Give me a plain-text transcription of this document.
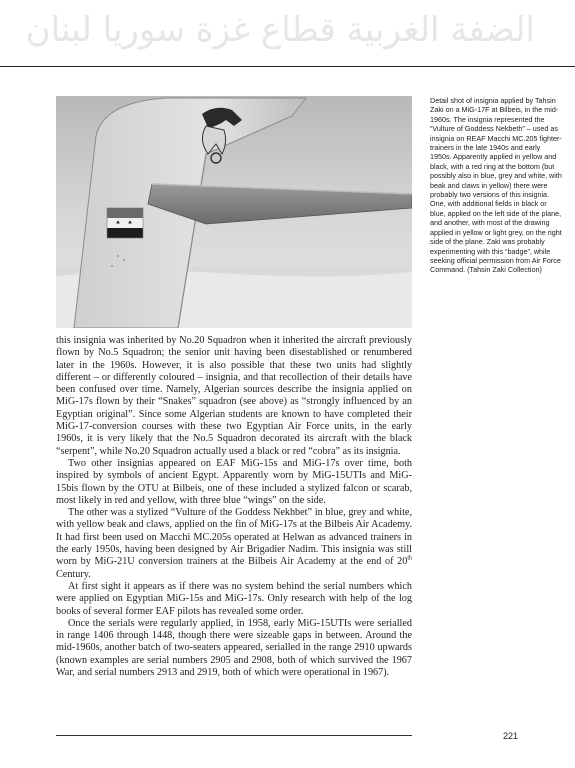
الضفة الغربية قطاع غزة سوريا لبنان

Detail shot of insignia applied by Tahsin Zaki on a MiG-17F at Bilbeis, in the mid-1960s. The insignia represented the “Vulture of Goddess Nekbeth” – used as insignia on REAF Macchi MC.205 fighter-trainers in the late 1940s and early 1950s. Apparently applied in yellow and black, with a red ring at the bottom (but possibly also in blue, grey and white, with beak and claws in yellow) there were probably two versions of this insignia. One, with additional fields in black or blue, applied on the left side of the plane, and another, with most of the drawing applied in yellow or light grey, on the right side of the plane. Zaki was probably experimenting with this “badge”, while seeking official permission from Air Force Command. (Tahsin Zaki Collection)

this insignia was inherited by No.20 Squadron when it inherited the aircraft previously flown by No.5 Squadron; the senior unit having been disestablished or renumbered later in the 1960s. However, it is also possible that these two units had slightly different – or differently coloured – insignia, and that recollection of their details have been confused over time. Namely, Algerian sources describe the insignia applied on MiG-17s flown by their “Snakes” squadron (see above) as “strongly influenced by an Egyptian original”. Since some Algerian students are known to have completed their MiG-17-conversion courses with these two Egyptian Air Force units, in the early 1960s, it is very likely that the No.5 Squadron decorated its aircraft with the black “serpent”, while No.20 Squadron actually used a black or red “cobra” as its insignia.

Two other insignias appeared on EAF MiG-15s and MiG-17s over time, both inspired by symbols of ancient Egypt. Apparently worn by MiG-15UTIs and MiG-15bis flown by the OTU at Bilbeis, one of these included a stylized falcon or scarab, most likely in red and yellow, with three blue “wings” on the side.

The other was a stylized “Vulture of the Goddess Nekhbet” in blue, grey and white, with yellow beak and claws, applied on the fin of MiG-17s at the Bilbeis Air Academy. It had first been used on Macchi MC.205s operated at Helwan as advanced trainers in the early 1950s, having been designed by Air Brigadier Nadim. This insignia was still worn by MiG-21U conversion trainers at the Bilbeis Air Academy at the end of 20th Century.

At first sight it appears as if there was no system behind the serial numbers which were applied on Egyptian MiG-15s and MiG-17s. Only research with help of the log books of several former EAF pilots has revealed some order.

Once the serials were regularly applied, in 1958, early MiG-15UTIs were serialled in range 1406 through 1448, though there were sizeable gaps in between. Around the mid-1960s, another batch of two-seaters appeared, serialled in the range 2910 upwards (known examples are serial numbers 2905 and 2908, both of which survived the 1967 War, and serial numbers 2913 and 2919, both of which were operational in 1967).

221
